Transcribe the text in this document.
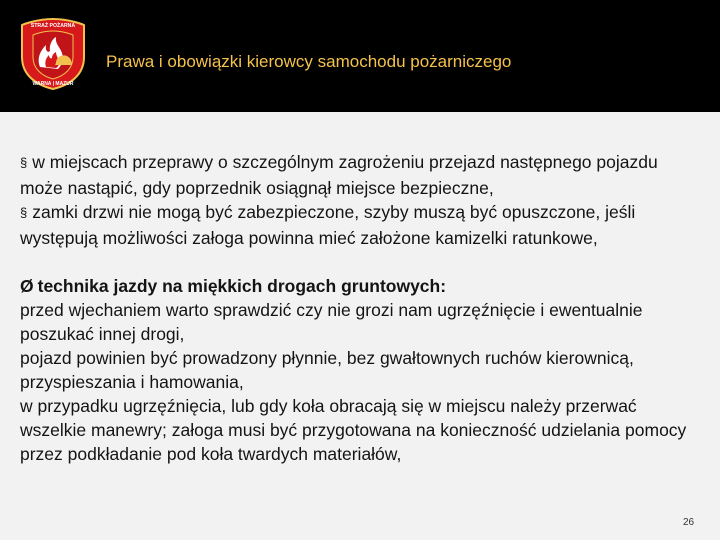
STRAŻ POŻARNA
WARNA | MAZUR
Prawa i obowiązki kierowcy samochodu pożarniczego

§ w miejscach przeprawy o szczególnym zagrożeniu przejazd następnego pojazdu może nastąpić, gdy poprzednik osiągnął miejsce bezpieczne,

§ zamki drzwi nie mogą być zabezpieczone, szyby muszą być opuszczone, jeśli występują możliwości załoga powinna mieć założone kamizelki ratunkowe,

Ø technika jazdy na miękkich drogach gruntowych:

przed wjechaniem warto sprawdzić czy nie grozi nam ugrzęźnięcie i ewentualnie poszukać innej drogi,

pojazd powinien być prowadzony płynnie, bez gwałtownych ruchów kierownicą, przyspieszania i hamowania,

w przypadku ugrzęźnięcia, lub gdy koła obracają się w miejscu należy przerwać wszelkie manewry; załoga musi być przygotowana na konieczność udzielania pomocy przez podkładanie pod koła twardych materiałów,

26
